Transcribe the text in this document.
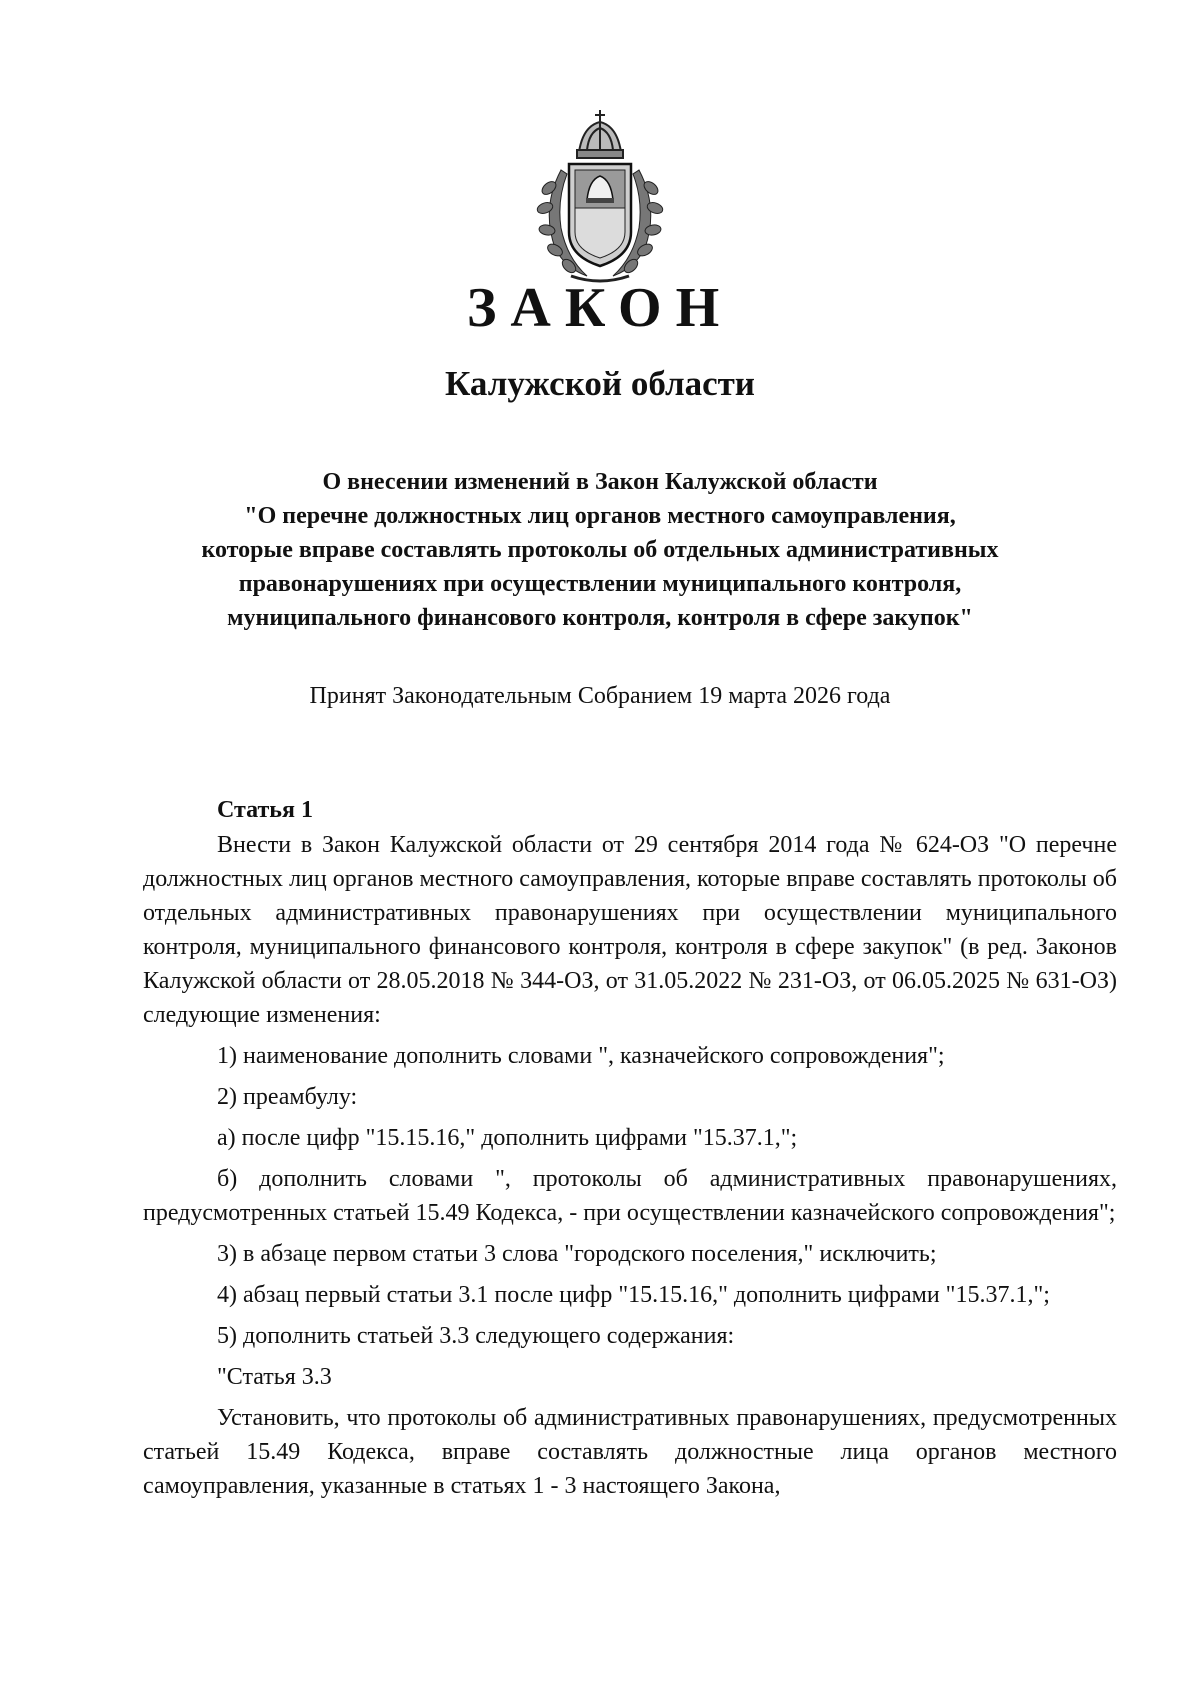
ЗАКОН
Калужской области
О внесении изменений в Закон Калужской области
"О перечне должностных лиц органов местного самоуправления,
которые вправе составлять протоколы об отдельных административных
правонарушениях при осуществлении муниципального контроля,
муниципального финансового контроля, контроля в сфере закупок"
Принят Законодательным Собранием 19 марта 2026 года
Статья 1

Внести в Закон Калужской области от 29 сентября 2014 года № 624-ОЗ "О перечне должностных лиц органов местного самоуправления, которые вправе составлять протоколы об отдельных административных правонарушениях при осуществлении муниципального контроля, муниципального финансового контроля, контроля в сфере закупок" (в ред. Законов Калужской области от 28.05.2018 № 344-ОЗ, от 31.05.2022 № 231-ОЗ, от 06.05.2025 № 631-ОЗ) следующие изменения:

1) наименование дополнить словами ", казначейского сопровождения";

2) преамбулу:

а) после цифр "15.15.16," дополнить цифрами "15.37.1,";

б) дополнить словами ", протоколы об административных правонарушениях, предусмотренных статьей 15.49 Кодекса, - при осуществлении казначейского сопровождения";

3) в абзаце первом статьи 3 слова "городского поселения," исключить;

4) абзац первый статьи 3.1 после цифр "15.15.16," дополнить цифрами "15.37.1,";

5) дополнить статьей 3.3 следующего содержания:

"Статья 3.3

Установить, что протоколы об административных правонарушениях, предусмотренных статьей 15.49 Кодекса, вправе составлять должностные лица органов местного самоуправления, указанные в статьях 1 - 3 настоящего Закона,
